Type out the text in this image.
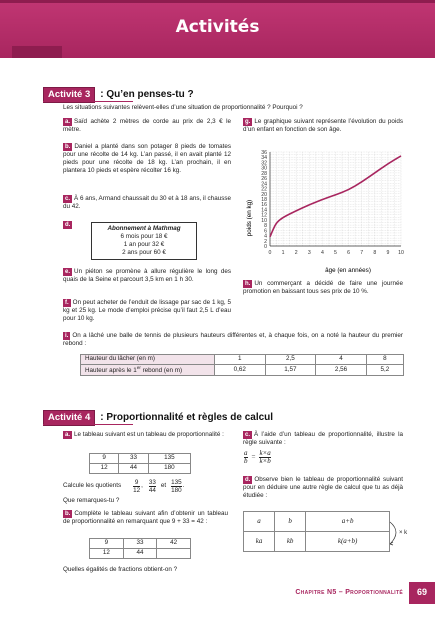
Activités
Activité 3	: Qu’en penses-tu ?
Les situations suivantes relèvent-elles d’une situation de proportionnalité ? Pourquoi ?
a. Saïd achète 2 mètres de corde au prix de 2,3 € le mètre.
b. Daniel a planté dans son potager 8 pieds de tomates pour une récolte de 14 kg. L’an passé, il en avait planté 12 pieds pour une récolte de 18 kg. L’an prochain, il en plantera 10 pieds et espère récolter 16 kg.
c. À 6 ans, Armand chaussait du 30 et à 18 ans, il chausse du 42.
d.	Abonnement à Mathmag
6 mois pour 18 €
1 an pour 32 €
2 ans pour 60 €
e. Un piéton se promène à allure régulière le long des quais de la Seine et parcourt 3,5 km en 1 h 30.
f. On peut acheter de l’enduit de lissage par sac de 1 kg, 5 kg et 25 kg. Le mode d’emploi précise qu’il faut 2,5 L d’eau pour 10 kg.
g. Le graphique suivant représente l’évolution du poids d’un enfant en fonction de son âge.
0
2
4
6
8
10
12
14
16
18
20
22
24
26
28
30
32
34
36
0 1 2 3 4 5 6 7 8 9 10
poids (en kg)
âge (en années)
h. Un commerçant a décidé de faire une journée promotion en baissant tous ses prix de 10 %.
i. On a lâché une balle de tennis de plusieurs hauteurs différentes et, à chaque fois, on a noté la hauteur du premier rebond :
Hauteur du lâcher (en m)	1	2,5	4	8
Hauteur après le 1er rebond (en m)	0,62	1,57	2,56	5,2
Activité 4	: Proportionnalité et règles de calcul
a. Le tableau suivant est un tableau de proportionnalité :
9	33	135
12	44	180
Calcule les quotients $\frac{9}{12}$ , $\frac{33}{44}$ et $\frac{135}{180}$ .
Que remarques-tu ?
b. Complète le tableau suivant afin d’obtenir un tableau de proportionnalité en remarquant que 9 + 33 = 42 :
9	33	42
12	44	
Quelles égalités de fractions obtient-on ?
c. À l’aide d’un tableau de proportionnalité, illustre la règle suivante :
$\frac{a}{b} = \frac{k\times a}{k\times b}$
d. Observe bien le tableau de proportionnalité suivant pour en déduire une autre règle de calcul que tu as déjà étudiée :
a	b	a+b
ka	kb	k(a+b)
× k
Chapitre N5 – Proportionnalité	69
